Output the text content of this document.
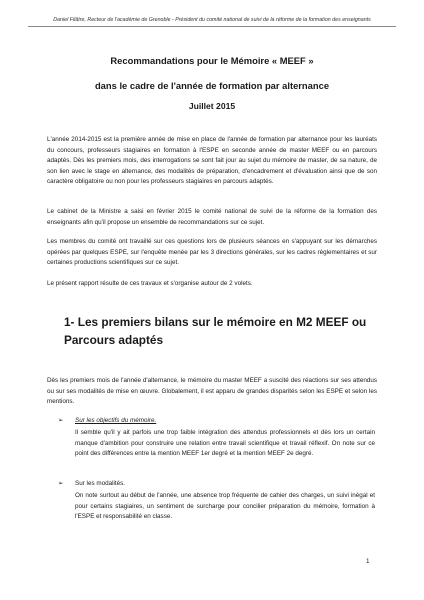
Daniel Filâtre, Recteur de l'académie de Grenoble - Président du comité national de suivi de la réforme de la formation des enseignants
Recommandations pour le Mémoire « MEEF »
dans le cadre de l'année de formation par alternance
Juillet 2015

L'année 2014-2015 est la première année de mise en place de l'année de formation par alternance pour les lauréats du concours, professeurs stagiaires en formation à l'ESPE en seconde année de master MEEF ou en parcours adaptés. Dès les premiers mois, des interrogations se sont fait jour au sujet du mémoire de master, de sa nature, de son lien avec le stage en alternance, des modalités de préparation, d'encadrement et d'évaluation ainsi que de son caractère obligatoire ou non pour les professeurs stagiaires en parcours adaptés.

Le cabinet de la Ministre a saisi en février 2015 le comité national de suivi de la réforme de la formation des enseignants afin qu'il propose un ensemble de recommandations sur ce sujet.

Les membres du comité ont travaillé sur ces questions lors de plusieurs séances en s'appuyant sur les démarches opérées par quelques ESPE, sur l'enquête menée par les 3 directions générales, sur les cadres réglementaires et sur certaines productions scientifiques sur ce sujet.

Le présent rapport résulte de ces travaux et s'organise autour de 2 volets.

1- Les premiers bilans sur le mémoire en M2 MEEF ou Parcours adaptés

Dès les premiers mois de l'année d'alternance, le mémoire du master MEEF a suscité des réactions sur ses attendus ou sur ses modalités de mise en œuvre. Globalement, il est apparu de grandes disparités selon les ESPE et selon les mentions.

➢ Sur les objectifs du mémoire.

Il semble qu'il y ait parfois une trop faible intégration des attendus professionnels et dès lors un certain manque d'ambition pour construire une relation entre travail scientifique et travail réflexif. On note sur ce point des différences entre la mention MEEF 1er degré et la mention MEEF 2e degré.

➢ Sur les modalités.

On note surtout au début de l'année, une absence trop fréquente de cahier des charges, un suivi inégal et pour certains stagiaires, un sentiment de surcharge pour concilier préparation du mémoire, formation à l'ESPE et responsabilité en classe.

1
